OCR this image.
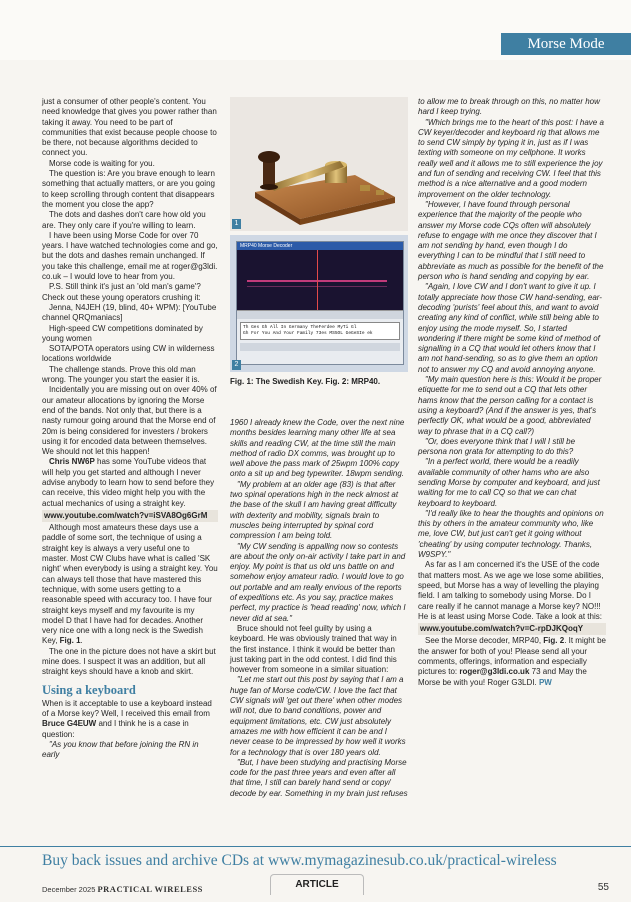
Morse Mode

just a consumer of other people's content. You need knowledge that gives you power rather than taking it away. You need to be part of communities that exist because people choose to be there, not because algorithms decided to connect you.

Morse code is waiting for you.

The question is: Are you brave enough to learn something that actually matters, or are you going to keep scrolling through content that disappears the moment you close the app?

The dots and dashes don't care how old you are. They only care if you're willing to learn.

I have been using Morse Code for over 70 years. I have watched technologies come and go, but the dots and dashes remain unchanged. If you take this challenge, email me at roger@g3ldi. co.uk – I would love to hear from you.

P.S. Still think it's just an 'old man's game'? Check out these young operators crushing it:

Jenna, N4JEH (19, blind, 40+ WPM): [YouTube channel QRQmaniacs]

High-speed CW competitions dominated by young women

SOTA/POTA operators using CW in wilderness locations worldwide

The challenge stands. Prove this old man wrong. The younger you start the easier it is.

Incidentally you are missing out on over 40% of our amateur allocations by ignoring the Morse end of the bands. Not only that, but there is a nasty rumour going around that the Morse end of 20m is being considered for investers / brokers using it for encoded data between themselves. We should not let this happen!

Chris NW6P has some YouTube videos that will help you get started and although I never advise anybody to learn how to send before they can receive, this video might help you with the actual mechanics of using a straight key.

www.youtube.com/watch?v=iSVA8Og6GrM

Although most amateurs these days use a paddle of some sort, the technique of using a straight key is always a very useful one to master. Most CW Clubs have what is called 'SK night' when everybody is using a straight key. You can always tell those that have mastered this technique, with some users getting to a reasonable speed with accuracy too. I have four straight keys myself and my favourite is my model D that I have had for decades. Another very nice one with a long neck is the Swedish Key, Fig. 1.

The one in the picture does not have a skirt but mine does. I suspect it was an addition, but all straight keys should have a knob and skirt.

Using a keyboard

When is it acceptable to use a keyboard instead of a Morse key? Well, I received this email from Bruce G4EUW and I think he is a case in question:

"As you know that before joining the RN in early

1
MRP40 Morse Decoder
Th Ges Gh All In Germany TheFerdee MyTi Gl
Gh For You And Your Family 73es MS5OL GeGeSIe ek
2
Fig. 1: The Swedish Key. Fig. 2: MRP40.

1960 I already knew the Code, over the next nine months besides learning many other life at sea skills and reading CW, at the time still the main method of radio DX comms, was brought up to well above the pass mark of 25wpm 100% copy onto a sit up and beg typewriter. 18wpm sending.

"My problem at an older age (83) is that after two spinal operations high in the neck almost at the base of the skull I am having great difficulty with dexterity and mobility, signals brain to muscles being interrupted by spinal cord compression I am being told.

"My CW sending is appalling now so contests are about the only on-air activity I take part in and enjoy. My point is that us old uns battle on and somehow enjoy amateur radio. I would love to go out portable and am really envious of the reports of expeditions etc. As you say, practice makes perfect, my practice is 'head reading' now, which I never did at sea."

Bruce should not feel guilty by using a keyboard. He was obviously trained that way in the first instance. I think it would be better than just taking part in the odd contest. I did find this however from someone in a similar situation:

"Let me start out this post by saying that I am a huge fan of Morse code/CW. I love the fact that CW signals will 'get out there' when other modes will not, due to band conditions, power and equipment limitations, etc. CW just absolutely amazes me with how efficient it can be and I never cease to be impressed by how well it works for a technology that is over 180 years old.

"But, I have been studying and practising Morse code for the past three years and even after all that time, I still can barely hand send or copy/ decode by ear. Something in my brain just refuses

to allow me to break through on this, no matter how hard I keep trying.

"Which brings me to the heart of this post: I have a CW keyer/decoder and keyboard rig that allows me to send CW simply by typing it in, just as if I was texting with someone on my cellphone. It works really well and it allows me to still experience the joy and fun of sending and receiving CW. I feel that this method is a nice alternative and a good modern improvement on the older technology.

"However, I have found through personal experience that the majority of the people who answer my Morse code CQs often will absolutely refuse to engage with me once they discover that I am not sending by hand, even though I do everything I can to be mindful that I still need to abbreviate as much as possible for the benefit of the person who is hand sending and copying by ear.

"Again, I love CW and I don't want to give it up. I totally appreciate how those CW hand-sending, ear-decoding 'purists' feel about this, and want to avoid creating any kind of conflict, while still being able to enjoy using the mode myself. So, I started wondering if there might be some kind of method of signalling in a CQ that would let others know that I am not hand-sending, so as to give them an option not to answer my CQ and avoid annoying anyone.

"My main question here is this: Would it be proper etiquette for me to send out a CQ that lets other hams know that the person calling for a contact is using a keyboard? (And if the answer is yes, that's perfectly OK, what would be a good, abbreviated way to phrase that in a CQ call?)

"Or, does everyone think that I will I still be persona non grata for attempting to do this?

"In a perfect world, there would be a readily available community of other hams who are also sending Morse by computer and keyboard, and just waiting for me to call CQ so that we can chat keyboard to keyboard.

"I'd really like to hear the thoughts and opinions on this by others in the amateur community who, like me, love CW, but just can't get it going without 'cheating' by using computer technology. Thanks, W9SPY."

As far as I am concerned it's the USE of the code that matters most. As we age we lose some abilities, speed, but Morse has a way of levelling the playing field. I am talking to somebody using Morse. Do I care really if he cannot manage a Morse key? NO!!! He is at least using Morse Code. Take a look at this:

www.youtube.com/watch?v=C-rpDJKQoqY

See the Morse decoder, MRP40, Fig. 2. It might be the answer for both of you! Please send all your comments, offerings, information and especially pictures to: roger@g3ldi.co.uk 73 and May the Morse be with you! Roger G3LDI. PW

Buy back issues and archive CDs at www.mymagazinesub.co.uk/practical-wireless
December 2025 PRACTICAL WIRELESS	ARTICLE	55
